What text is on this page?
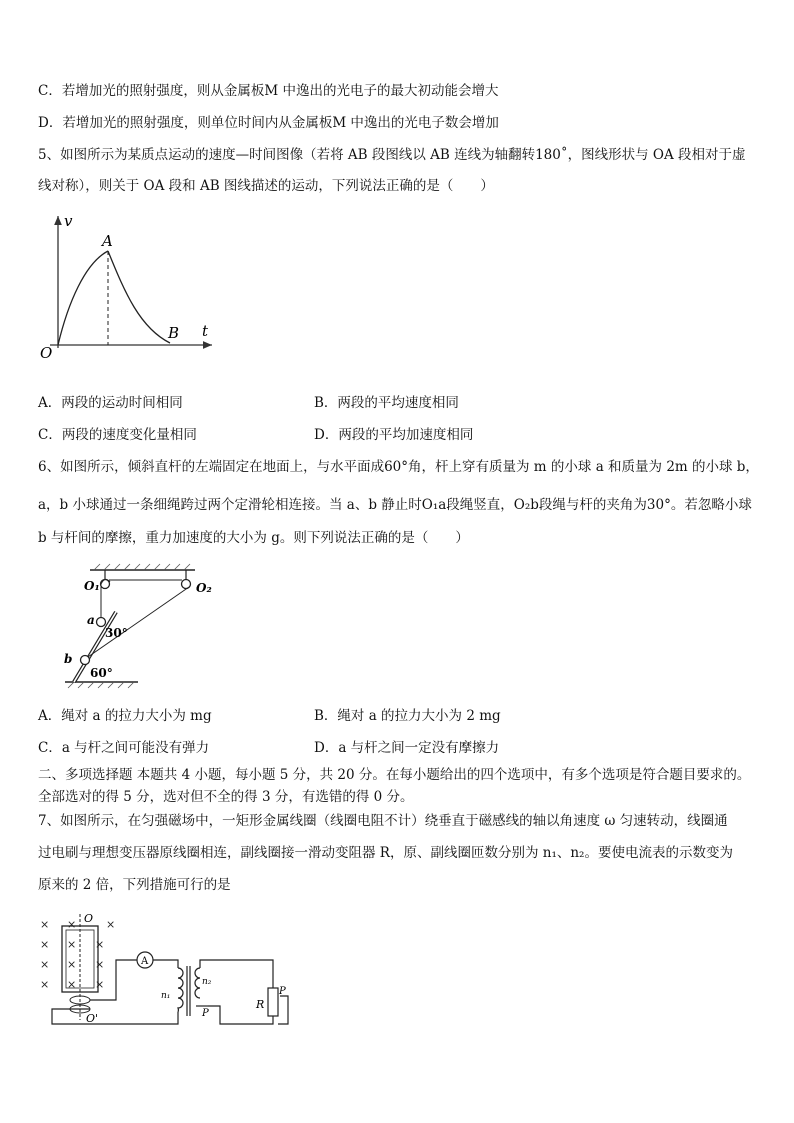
C．若增加光的照射强度，则从金属板M 中逸出的光电子的最大初动能会增大
D．若增加光的照射强度，则单位时间内从金属板M 中逸出的光电子数会增加
5、如图所示为某质点运动的速度—时间图像（若将 AB 段图线以 AB 连线为轴翻转180˚，图线形状与 OA 段相对于虚
线对称），则关于 OA 段和 AB 图线描述的运动，下列说法正确的是（　　）
v
t
O
A
B
A．两段的运动时间相同	B．两段的平均速度相同
C．两段的速度变化量相同	D．两段的平均加速度相同
6、如图所示，倾斜直杆的左端固定在地面上，与水平面成60°角，杆上穿有质量为 m 的小球 a 和质量为 2m 的小球 b，
a，b 小球通过一条细绳跨过两个定滑轮相连接。当 a、b 静止时O₁a段绳竖直，O₂b段绳与杆的夹角为30°。若忽略小球
b 与杆间的摩擦，重力加速度的大小为 g。则下列说法正确的是（　　）
O₁	O₂
a
b
30°
60°
A．绳对 a 的拉力大小为 mg	B．绳对 a 的拉力大小为 2 mg
C．a 与杆之间可能没有弹力	D．a 与杆之间一定没有摩擦力
二、多项选择题 本题共 4 小题，每小题 5 分，共 20 分。在每小题给出的四个选项中，有多个选项是符合题目要求的。
全部选对的得 5 分，选对但不全的得 3 分，有选错的得 0 分。
7、如图所示，在匀强磁场中，一矩形金属线圈（线圈电阻不计）绕垂直于磁感线的轴以角速度 ω 匀速转动，线圈通
过电刷与理想变压器原线圈相连，副线圈接一滑动变阻器 R，原、副线圈匝数分别为 n₁、n₂。要使电流表的示数变为
原来的 2 倍，下列措施可行的是
×
×
×
×
×
×
×
×
×
×
×
×
O
O'
A
n₁
n₂
P
R
P
